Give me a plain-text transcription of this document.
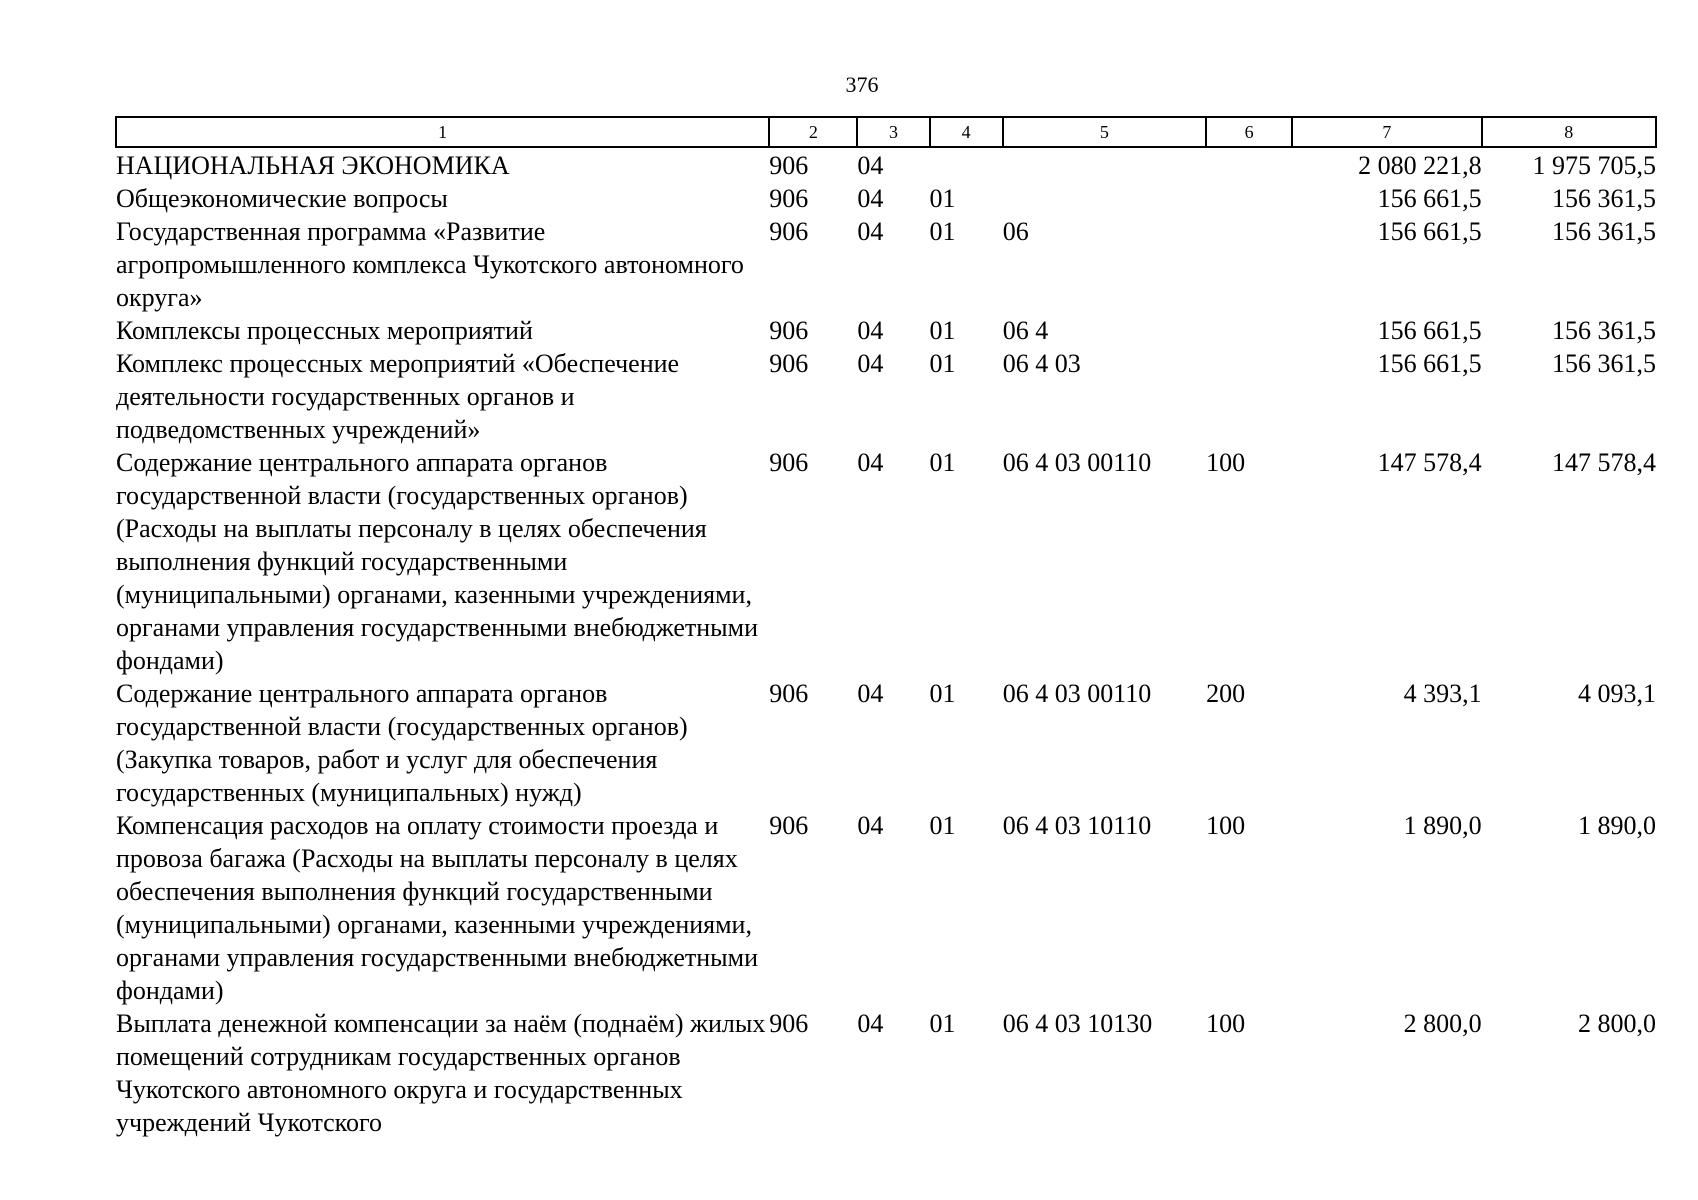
376
1	2	3	4	5	6	7	8
НАЦИОНАЛЬНАЯ ЭКОНОМИКА	906	04				2 080 221,8	1 975 705,5
Общеэкономические вопросы	906	04	01			156 661,5	156 361,5
Государственная программа «Развитие агропромышленного комплекса Чукотского автономного округа»	906	04	01	06		156 661,5	156 361,5
Комплексы процессных мероприятий	906	04	01	06 4		156 661,5	156 361,5
Комплекс процессных мероприятий «Обеспечение деятельности государственных органов и подведомственных учреждений»	906	04	01	06 4 03		156 661,5	156 361,5
Содержание центрального аппарата органов государственной власти (государственных органов) (Расходы на выплаты персоналу в целях обеспечения выполнения функций государственными (муниципальными) органами, казенными учреждениями, органами управления государственными внебюджетными фондами)	906	04	01	06 4 03 00110	100	147 578,4	147 578,4
Содержание центрального аппарата органов государственной власти (государственных органов) (Закупка товаров, работ и услуг для обеспечения государственных (муниципальных) нужд)	906	04	01	06 4 03 00110	200	4 393,1	4 093,1
Компенсация расходов на оплату стоимости проезда и провоза багажа (Расходы на выплаты персоналу в целях обеспечения выполнения функций государственными (муниципальными) органами, казенными учреждениями, органами управления государственными внебюджетными фондами)	906	04	01	06 4 03 10110	100	1 890,0	1 890,0
Выплата денежной компенсации за наём (поднаём) жилых помещений сотрудникам государственных органов Чукотского автономного округа и государственных учреждений Чукотского	906	04	01	06 4 03 10130	100	2 800,0	2 800,0
